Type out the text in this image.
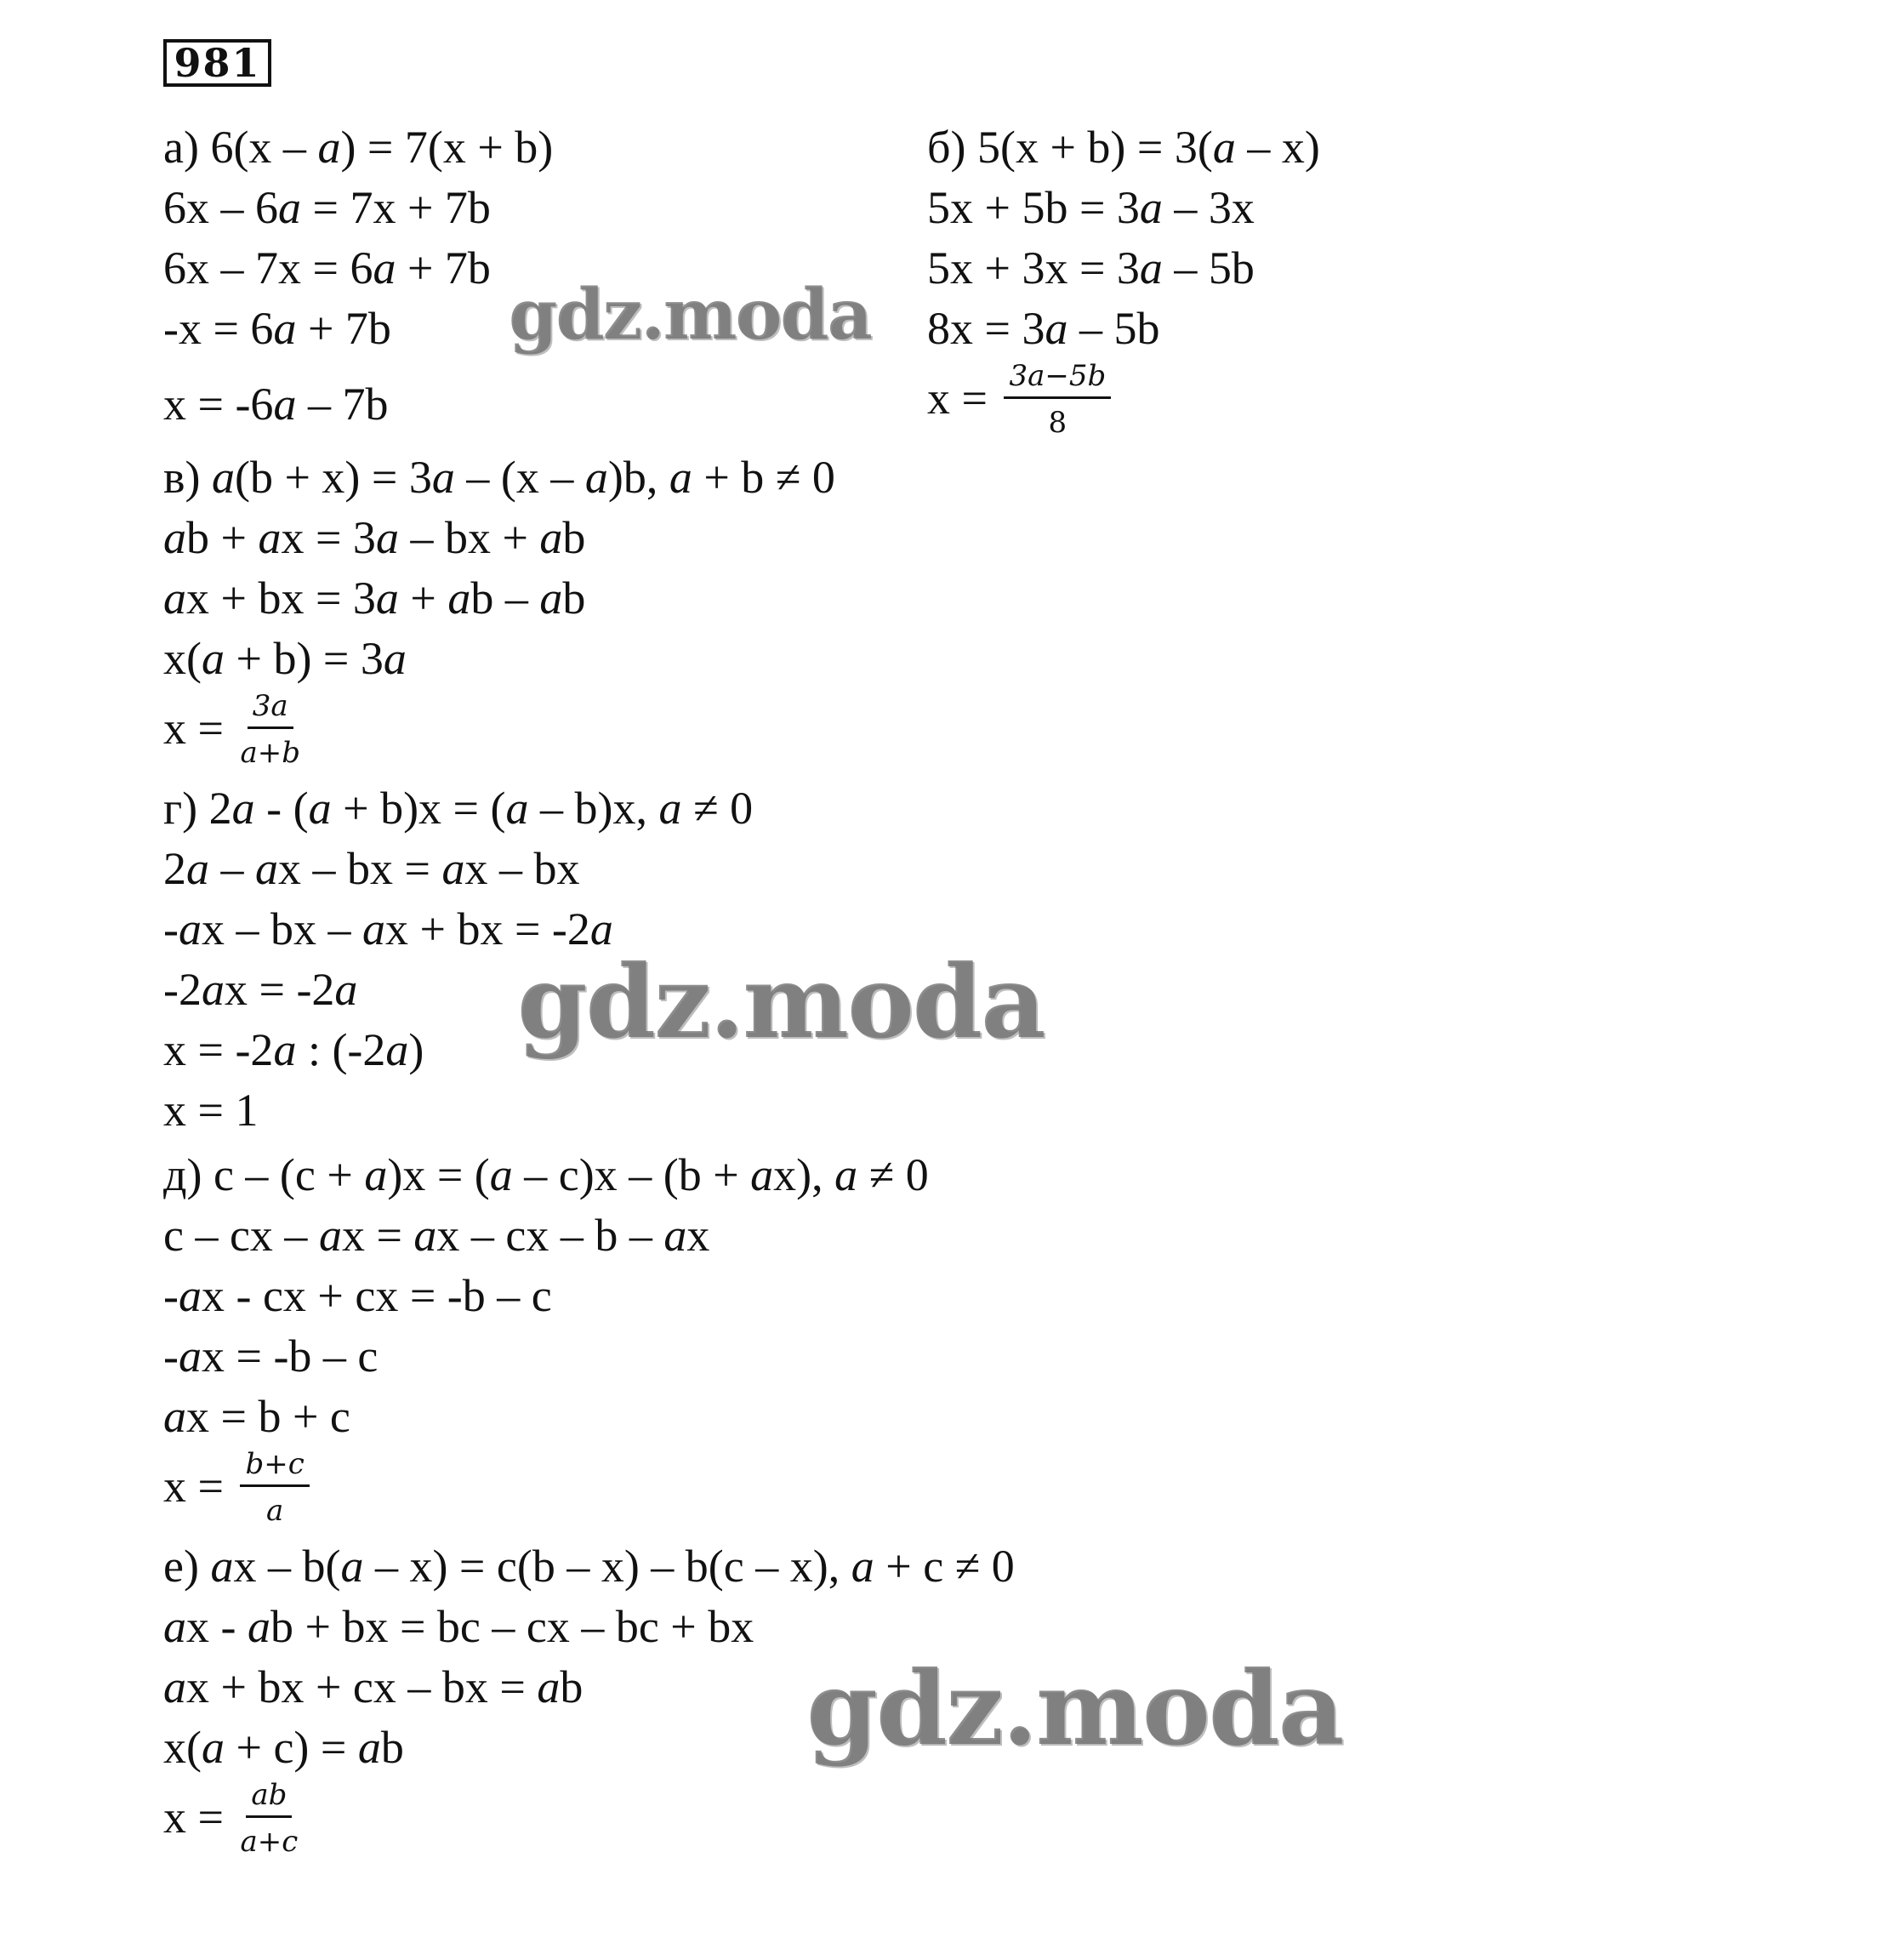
981
а) 6(x – a) = 7(x + b)
6x – 6a = 7x + 7b
6x – 7x = 6a + 7b
-x = 6a + 7b
x = -6a – 7b
б) 5(x + b) = 3(a – x)
5x + 5b = 3a – 3x
5x + 3x = 3a – 5b
8x = 3a – 5b
$x = \frac{3a-5b}{8}$
в) a(b + x) = 3a – (x – a)b, a + b ≠ 0
ab + ax = 3a – bx + ab
ax + bx = 3a + ab – ab
x(a + b) = 3a
$x = \frac{3a}{a+b}$
г) 2a - (a + b)x = (a – b)x, a ≠ 0
2a – ax – bx = ax – bx
-ax – bx – ax + bx = -2a
-2ax = -2a
x = -2a : (-2a)
x = 1
д) c – (c + a)x = (a – c)x – (b + ax), a ≠ 0
c – cx – ax = ax – cx – b – ax
-ax - cx + cx = -b – c
-ax = -b – c
ax = b + c
$x = \frac{b+c}{a}$
е) ax – b(a – x) = c(b – x) – b(c – x), a + c ≠ 0
ax - ab + bx = bc – cx – bc + bx
ax + bx + cx – bx = ab
x(a + c) = ab
$x = \frac{ab}{a+c}$
gdz.moda
gdz.moda
gdz.moda
